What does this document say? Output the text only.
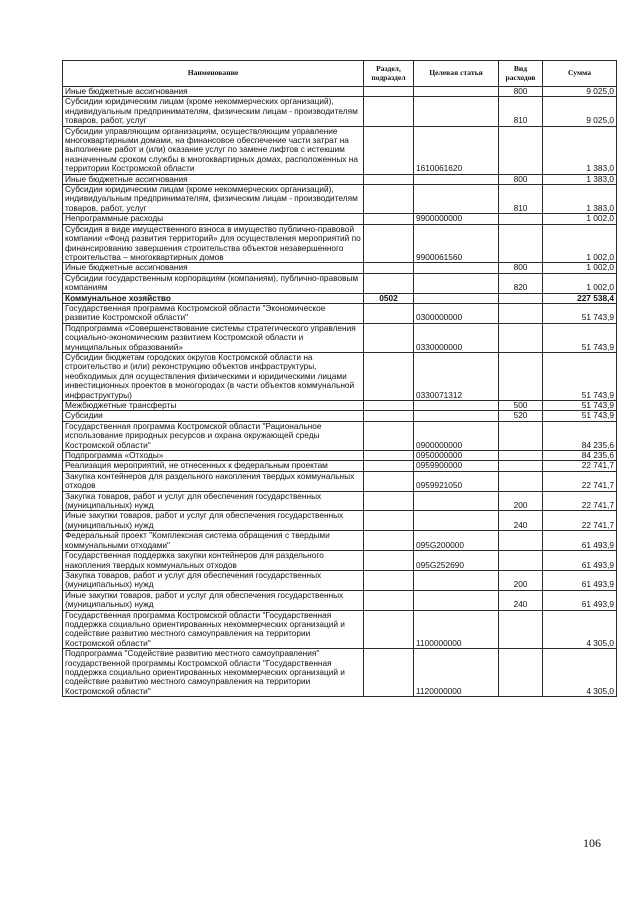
Наименование	Раздел, подраздел	Целевая статья	Вид расходов	Сумма
Иные бюджетные ассигнования			800	9 025,0
Субсидии юридическим лицам (кроме некоммерческих организаций), индивидуальным предпринимателям, физическим лицам - производителям товаров, работ, услуг			810	9 025,0
Субсидии управляющим организациям, осуществляющим управление многоквартирными домами, на финансовое обеспечение части затрат на выполнение работ и (или) оказание услуг по замене лифтов с истекшим назначенным сроком службы в многоквартирных домах, расположенных на территории Костромской области		1610061620		1 383,0
Иные бюджетные ассигнования			800	1 383,0
Субсидии юридическим лицам (кроме некоммерческих организаций), индивидуальным предпринимателям, физическим лицам - производителям товаров, работ, услуг			810	1 383,0
Непрограммные расходы		9900000000		1 002,0
Субсидия в виде имущественного взноса в имущество публично-правовой компании «Фонд развития территорий» для осуществления мероприятий по финансированию завершения строительства объектов незавершенного строительства – многоквартирных домов		9900061560		1 002,0
Иные бюджетные ассигнования			800	1 002,0
Субсидии государственным корпорациям (компаниям), публично-правовым компаниям			820	1 002,0
Коммунальное хозяйство	0502			227 538,4
Государственная программа Костромской области "Экономическое развитие Костромской области"		0300000000		51 743,9
Подпрограмма «Совершенствование системы стратегического управления социально-экономическим развитием Костромской области и муниципальных образований»		0330000000		51 743,9
Субсидии бюджетам городских округов Костромской области на строительство и (или) реконструкцию объектов инфраструктуры, необходимых для осуществления физическими и юридическими лицами инвестиционных проектов в моногородах (в части объектов коммунальной инфраструктуры)		0330071312		51 743,9
Межбюджетные трансферты			500	51 743,9
Субсидии			520	51 743,9
Государственная программа Костромской области "Рациональное использование природных ресурсов и охрана окружающей среды Костромской области"		0900000000		84 235,6
Подпрограмма «Отходы»		0950000000		84 235,6
Реализация мероприятий, не отнесенных к федеральным проектам		0959900000		22 741,7
Закупка контейнеров для раздельного накопления твердых коммунальных отходов		0959921050		22 741,7
Закупка товаров, работ и услуг для обеспечения государственных (муниципальных) нужд			200	22 741,7
Иные закупки товаров, работ и услуг для обеспечения государственных (муниципальных) нужд			240	22 741,7
Федеральный проект "Комплексная система обращения с твердыми коммунальными отходами"		095G200000		61 493,9
Государственная поддержка закупки контейнеров для раздельного накопления твердых коммунальных отходов		095G252690		61 493,9
Закупка товаров, работ и услуг для обеспечения государственных (муниципальных) нужд			200	61 493,9
Иные закупки товаров, работ и услуг для обеспечения государственных (муниципальных) нужд			240	61 493,9
Государственная программа Костромской области "Государственная поддержка социально ориентированных некоммерческих организаций и содействие развитию местного самоуправления на территории Костромской области"		1100000000		4 305,0
Подпрограмма "Содействие развитию местного самоуправления" государственной программы Костромской области "Государственная поддержка социально ориентированных некоммерческих организаций и содействие развитию местного самоуправления на территории Костромской области"		1120000000		4 305,0
106
